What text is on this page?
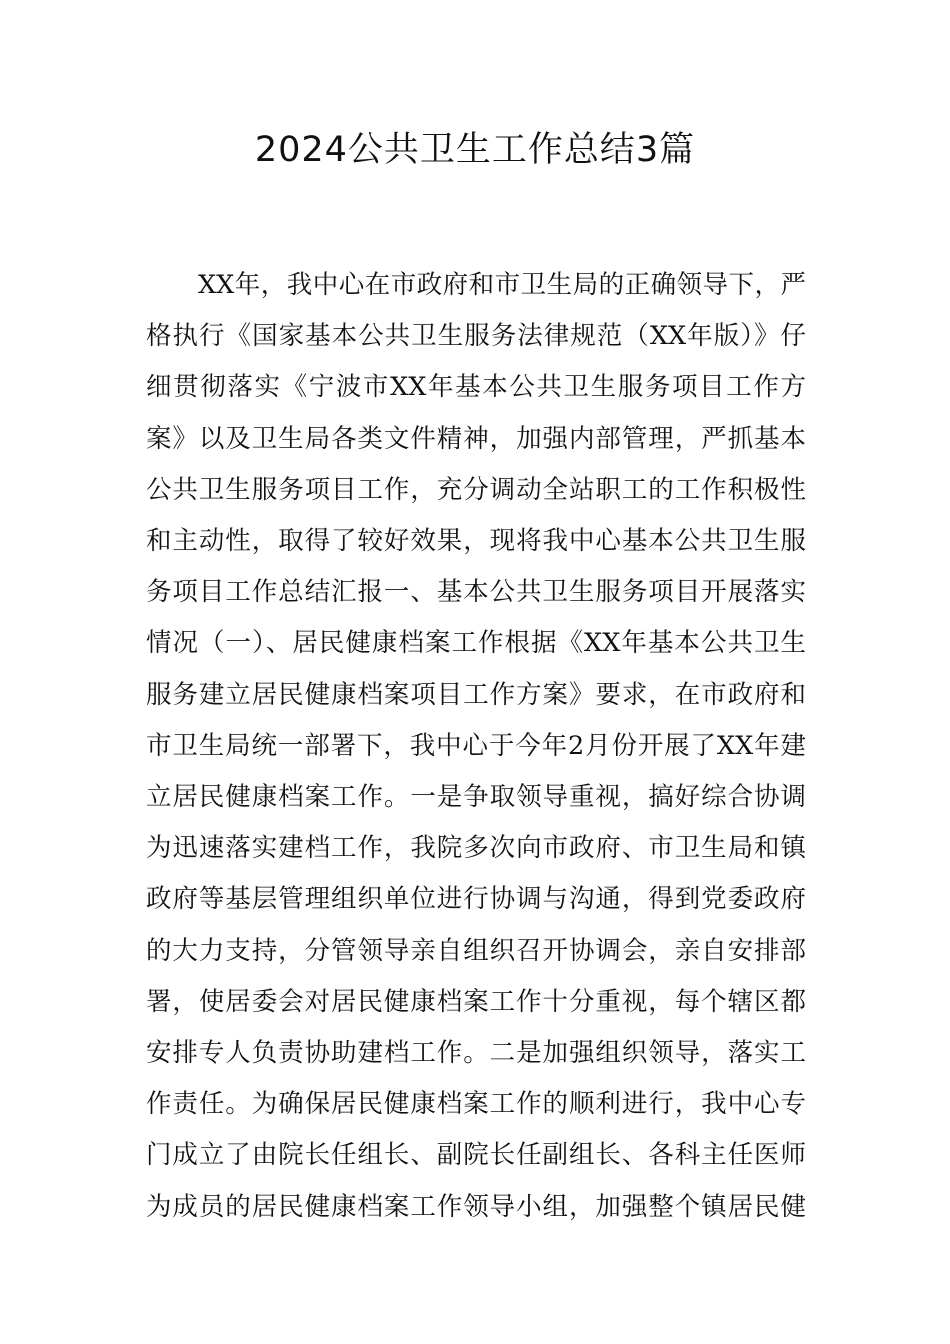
2024公共卫生工作总结3篇
XX年，我中心在市政府和市卫生局的正确领导下，严
格执行《国家基本公共卫生服务法律规范（XX年版）》仔
细贯彻落实《宁波市XX年基本公共卫生服务项目工作方
案》以及卫生局各类文件精神，加强内部管理，严抓基本
公共卫生服务项目工作，充分调动全站职工的工作积极性
和主动性，取得了较好效果，现将我中心基本公共卫生服
务项目工作总结汇报一、基本公共卫生服务项目开展落实
情况（一）、居民健康档案工作根据《XX年基本公共卫生
服务建立居民健康档案项目工作方案》要求，在市政府和
市卫生局统一部署下，我中心于今年2月份开展了XX年建
立居民健康档案工作。一是争取领导重视，搞好综合协调
为迅速落实建档工作，我院多次向市政府、市卫生局和镇
政府等基层管理组织单位进行协调与沟通，得到党委政府
的大力支持，分管领导亲自组织召开协调会，亲自安排部
署，使居委会对居民健康档案工作十分重视，每个辖区都
安排专人负责协助建档工作。二是加强组织领导，落实工
作责任。为确保居民健康档案工作的顺利进行，我中心专
门成立了由院长任组长、副院长任副组长、各科主任医师
为成员的居民健康档案工作领导小组，加强整个镇居民健
